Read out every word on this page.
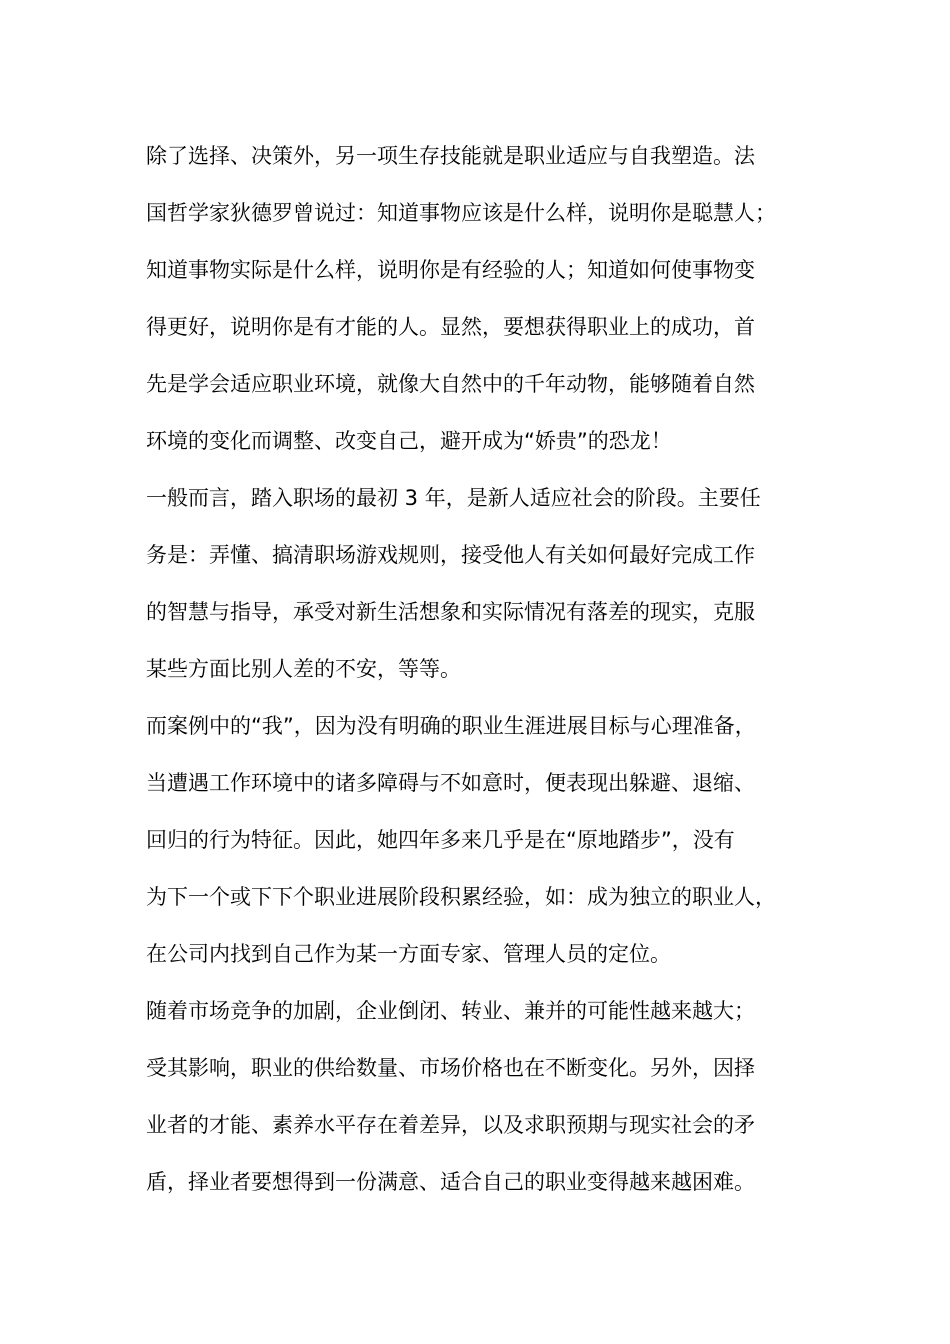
除了选择、决策外，另一项生存技能就是职业适应与自我塑造。法
国哲学家狄德罗曾说过：知道事物应该是什么样，说明你是聪慧人；
知道事物实际是什么样，说明你是有经验的人；知道如何使事物变
得更好，说明你是有才能的人。显然，要想获得职业上的成功，首
先是学会适应职业环境，就像大自然中的千年动物，能够随着自然
环境的变化而调整、改变自己，避开成为“娇贵”的恐龙！
一般而言，踏入职场的最初 3 年，是新人适应社会的阶段。主要任
务是：弄懂、搞清职场游戏规则，接受他人有关如何最好完成工作
的智慧与指导，承受对新生活想象和实际情况有落差的现实，克服
某些方面比别人差的不安，等等。
而案例中的“我”，因为没有明确的职业生涯进展目标与心理准备，
当遭遇工作环境中的诸多障碍与不如意时，便表现出躲避、退缩、
回归的行为特征。因此，她四年多来几乎是在“原地踏步”，没有
为下一个或下下个职业进展阶段积累经验，如：成为独立的职业人，
在公司内找到自己作为某一方面专家、管理人员的定位。
随着市场竞争的加剧，企业倒闭、转业、兼并的可能性越来越大；
受其影响，职业的供给数量、市场价格也在不断变化。另外，因择
业者的才能、素养水平存在着差异，以及求职预期与现实社会的矛
盾，择业者要想得到一份满意、适合自己的职业变得越来越困难。
